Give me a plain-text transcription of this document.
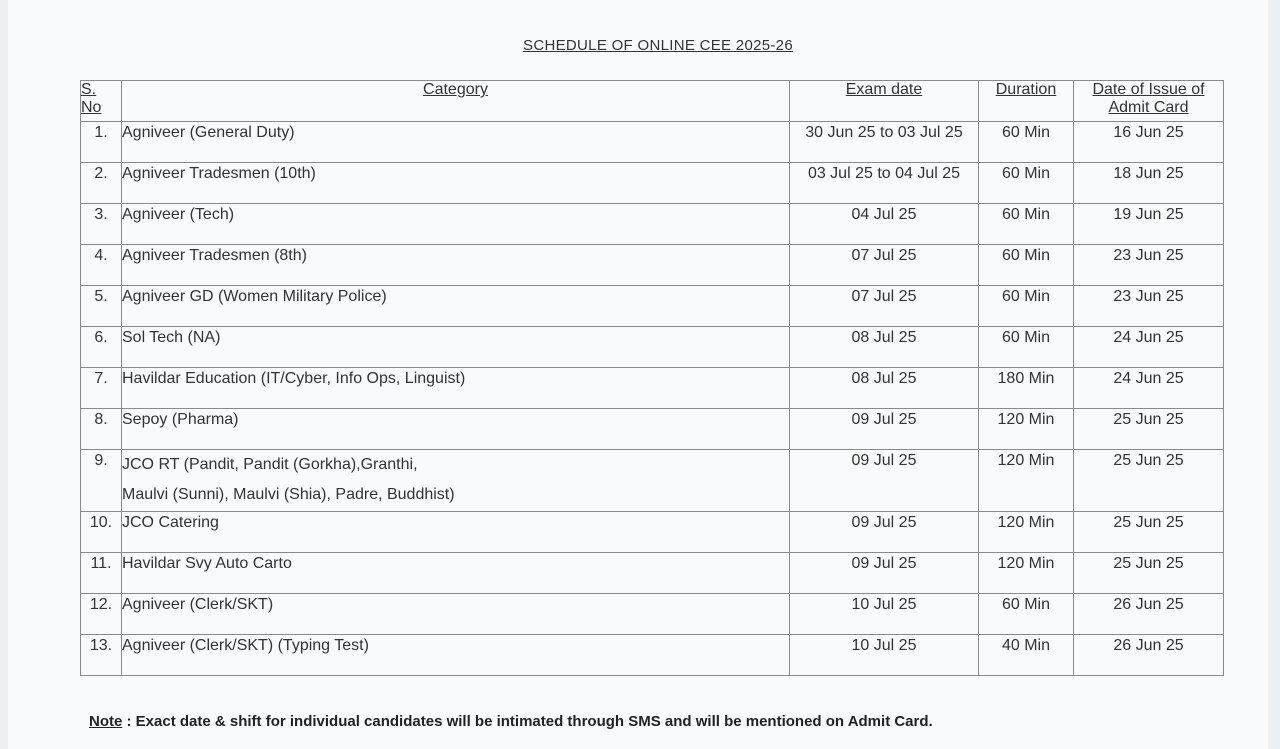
SCHEDULE OF ONLINE CEE 2025-26
S.
No	Category	Exam date	Duration	Date of Issue of
Admit Card

1.	Agniveer (General Duty)	30 Jun 25 to 03 Jul 25	60 Min	16 Jun 25
2.	Agniveer Tradesmen (10th)	03 Jul 25 to 04 Jul 25	60 Min	18 Jun 25
3.	Agniveer (Tech)	04 Jul 25	60 Min	19 Jun 25
4.	Agniveer Tradesmen (8th)	07 Jul 25	60 Min	23 Jun 25
5.	Agniveer GD (Women Military Police)	07 Jul 25	60 Min	23 Jun 25
6.	Sol Tech (NA)	08 Jul 25	60 Min	24 Jun 25
7.	Havildar Education (IT/Cyber, Info Ops, Linguist)	08 Jul 25	180 Min	24 Jun 25
8.	Sepoy (Pharma)	09 Jul 25	120 Min	25 Jun 25
9.	JCO RT (Pandit, Pandit (Gorkha),Granthi,
Maulvi (Sunni), Maulvi (Shia), Padre, Buddhist)	09 Jul 25	120 Min	25 Jun 25
10.	JCO Catering	09 Jul 25	120 Min	25 Jun 25
11.	Havildar Svy Auto Carto	09 Jul 25	120 Min	25 Jun 25
12.	Agniveer (Clerk/SKT)	10 Jul 25	60 Min	26 Jun 25
13.	Agniveer (Clerk/SKT) (Typing Test)	10 Jul 25	40 Min	26 Jun 25
Note : Exact date & shift for individual candidates will be intimated through SMS and will be mentioned on Admit Card.
